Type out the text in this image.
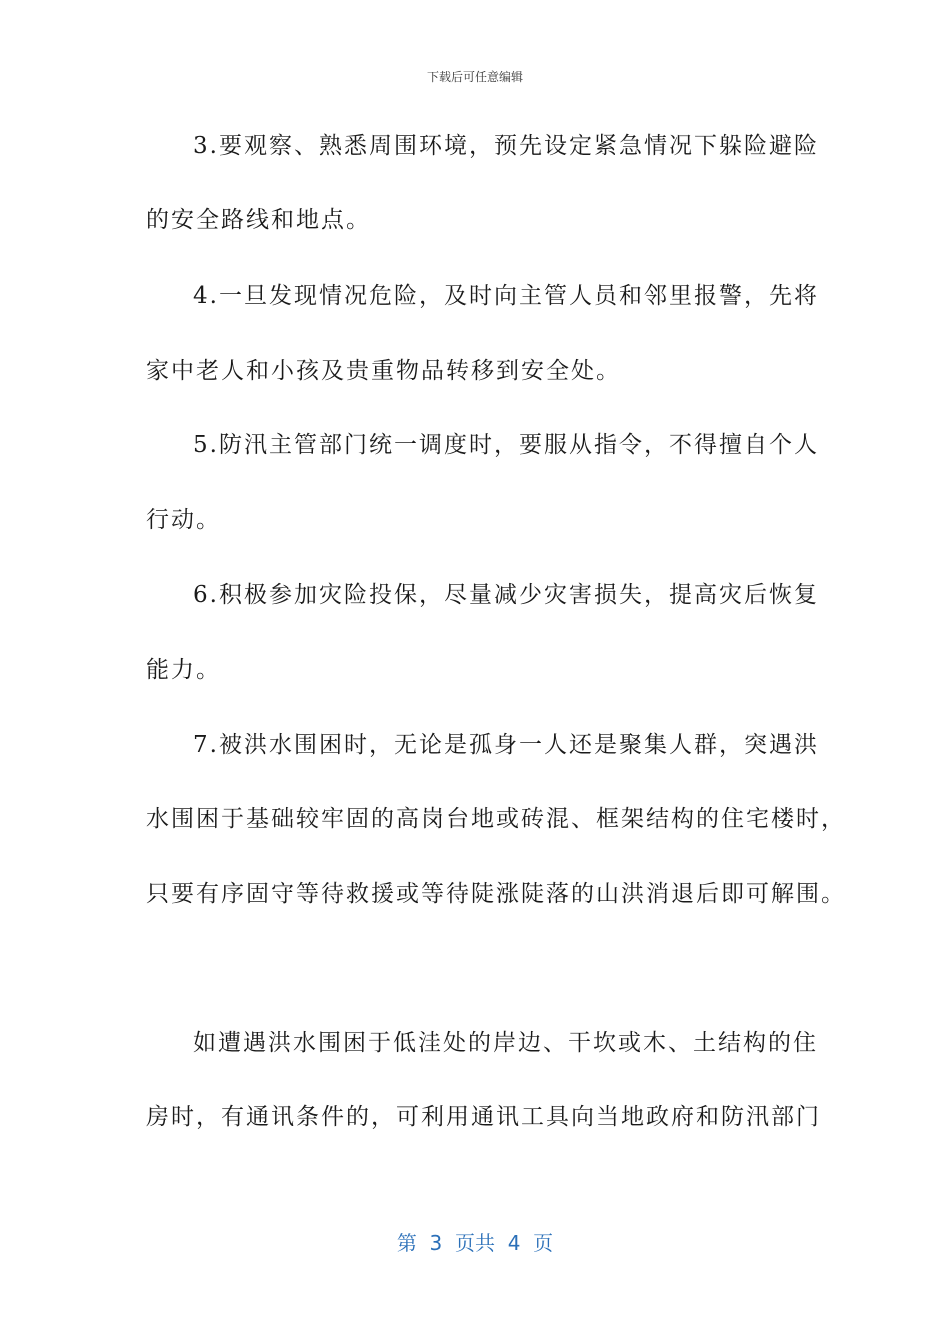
下载后可任意编辑
3.要观察、熟悉周围环境，预先设定紧急情况下躲险避险
的安全路线和地点。
4.一旦发现情况危险，及时向主管人员和邻里报警，先将
家中老人和小孩及贵重物品转移到安全处。
5.防汛主管部门统一调度时，要服从指令，不得擅自个人
行动。
6.积极参加灾险投保，尽量减少灾害损失，提高灾后恢复
能力。
7.被洪水围困时，无论是孤身一人还是聚集人群，突遇洪
水围困于基础较牢固的高岗台地或砖混、框架结构的住宅楼时，
只要有序固守等待救援或等待陡涨陡落的山洪消退后即可解围。
如遭遇洪水围困于低洼处的岸边、干坎或木、土结构的住
房时，有通讯条件的，可利用通讯工具向当地政府和防汛部门
第  3  页共  4  页
